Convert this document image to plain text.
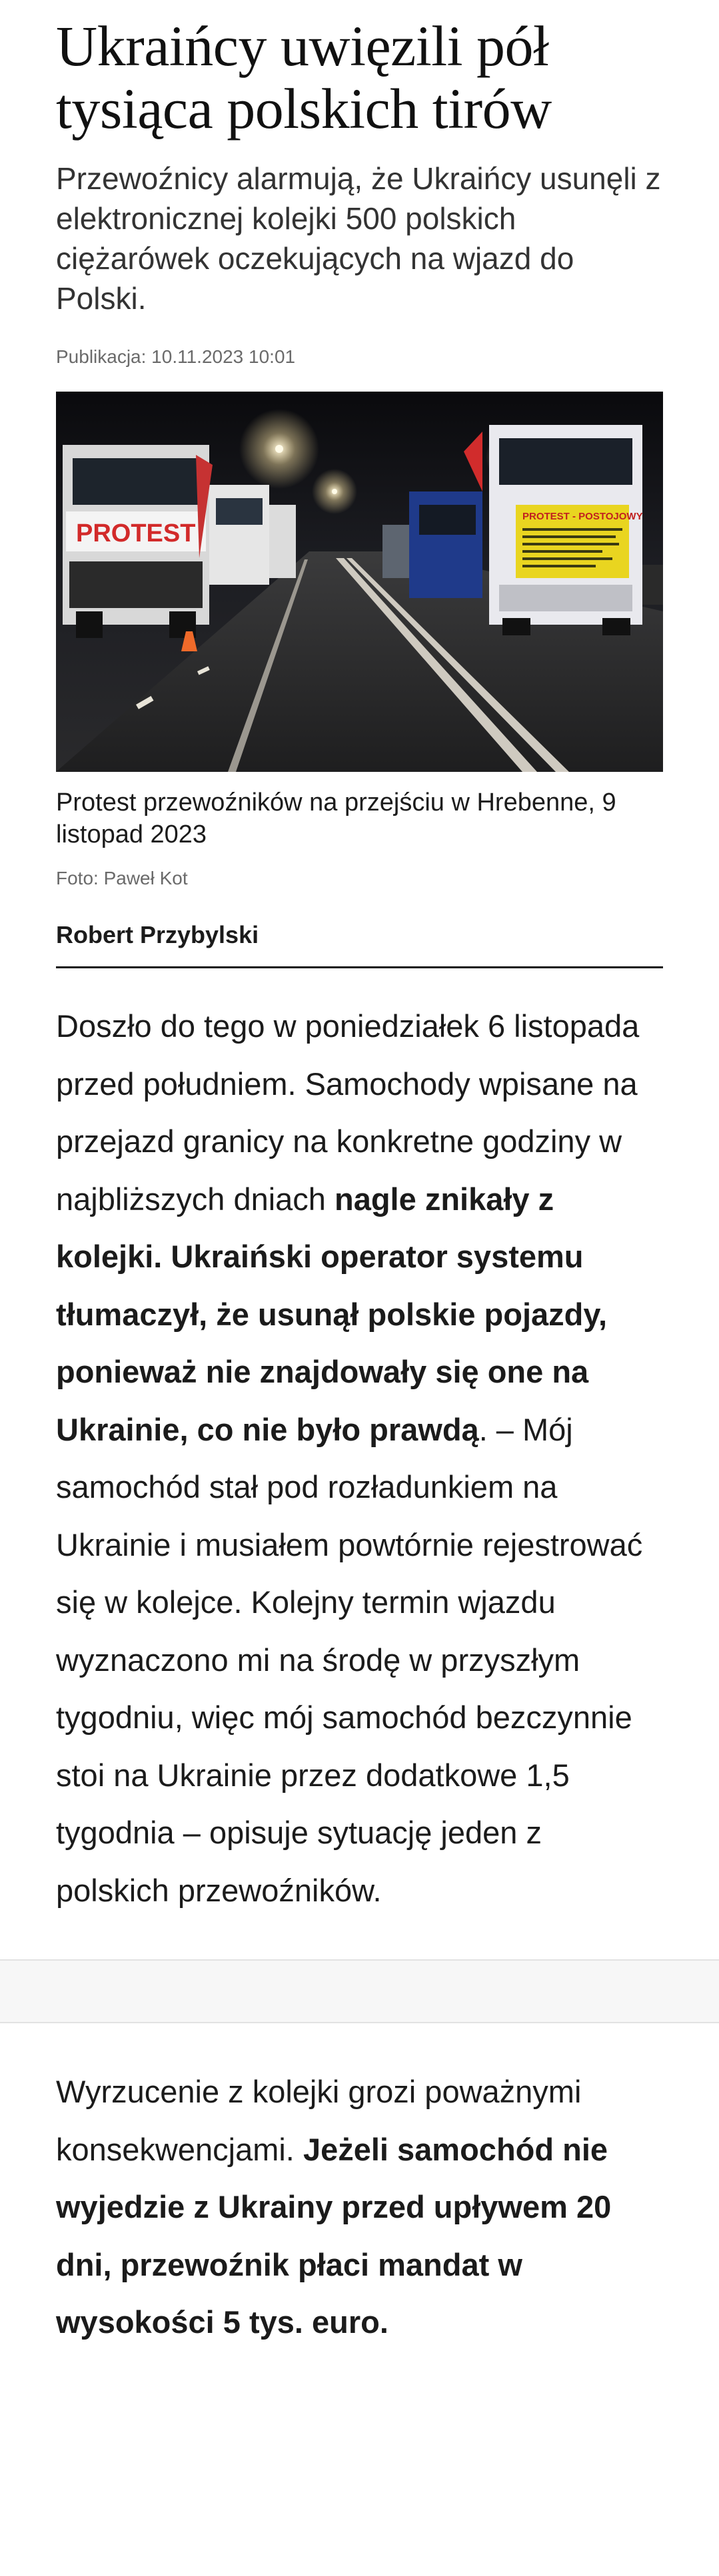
Ukraińcy uwięzili pół tysiąca polskich tirów

Przewoźnicy alarmują, że Ukraińcy usunęli z elektronicznej kolejki 500 polskich ciężarówek oczekujących na wjazd do Polski.

Publikacja: 10.11.2023 10:01
PROTEST
PROTEST - POSTOJOWY
Protest przewoźników na przejściu w Hrebenne, 9 listopad 2023
Foto: Paweł Kot
Robert Przybylski

Doszło do tego w poniedziałek 6 listopada przed południem. Samochody wpisane na przejazd granicy na konkretne godziny w najbliższych dniach nagle znikały z kolejki. Ukraiński operator systemu tłumaczył, że usunął polskie pojazdy, ponieważ nie znajdowały się one na Ukrainie, co nie było prawdą. – Mój samochód stał pod rozładunkiem na Ukrainie i musiałem powtórnie rejestrować się w kolejce. Kolejny termin wjazdu wyznaczono mi na środę w przyszłym tygodniu, więc mój samochód bezczynnie stoi na Ukrainie przez dodatkowe 1,5 tygodnia – opisuje sytuację jeden z polskich przewoźników.

Wyrzucenie z kolejki grozi poważnymi konsekwencjami. Jeżeli samochód nie wyjedzie z Ukrainy przed upływem 20 dni, przewoźnik płaci mandat w wysokości 5 tys. euro.
